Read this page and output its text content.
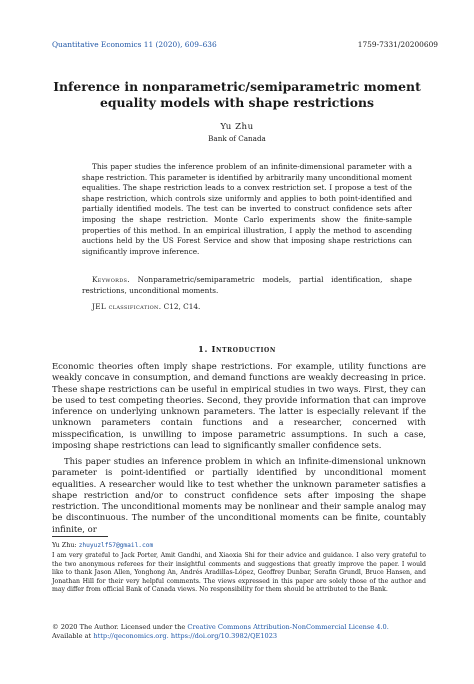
Quantitative Economics 11 (2020), 609–636	1759-7331/20200609
Inference in nonparametric/semiparametric moment equality models with shape restrictions
Yu Zhu
Bank of Canada

This paper studies the inference problem of an infinite-dimensional parameter with a shape restriction. This parameter is identified by arbitrarily many unconditional moment equalities. The shape restriction leads to a convex restriction set. I propose a test of the shape restriction, which controls size uniformly and applies to both point-identified and partially identified models. The test can be inverted to construct confidence sets after imposing the shape restriction. Monte Carlo experiments show the finite-sample properties of this method. In an empirical illustration, I apply the method to ascending auctions held by the US Forest Service and show that imposing shape restrictions can significantly improve inference.

Keywords. Nonparametric/semiparametric models, partial identification, shape restrictions, unconditional moments.

JEL classification. C12, C14.

1. Introduction

Economic theories often imply shape restrictions. For example, utility functions are weakly concave in consumption, and demand functions are weakly decreasing in price. These shape restrictions can be useful in empirical studies in two ways. First, they can be used to test competing theories. Second, they provide information that can improve inference on underlying unknown parameters. The latter is especially relevant if the unknown parameters contain functions and a researcher, concerned with misspecification, is unwilling to impose parametric assumptions. In such a case, imposing shape restrictions can lead to significantly smaller confidence sets.

This paper studies an inference problem in which an infinite-dimensional unknown parameter is point-identified or partially identified by unconditional moment equalities. A researcher would like to test whether the unknown parameter satisfies a shape restriction and/or to construct confidence sets after imposing the shape restriction. The unconditional moments may be nonlinear and their sample analog may be discontinuous. The number of the unconditional moments can be finite, countably infinite, or

Yu Zhu: zhuyuzlf57@gmail.com

I am very grateful to Jack Porter, Amit Gandhi, and Xiaoxia Shi for their advice and guidance. I also very grateful to the two anonymous referees for their insightful comments and suggestions that greatly improve the paper. I would like to thank Jason Allen, Yonghong An, Andrés Aradillas-López, Geoffrey Dunbar, Serafin Grundl, Bruce Hansen, and Jonathan Hill for their very helpful comments. The views expressed in this paper are solely those of the author and may differ from official Bank of Canada views. No responsibility for them should be attributed to the Bank.

© 2020 The Author. Licensed under the Creative Commons Attribution-NonCommercial License 4.0.
Available at http://qeconomics.org. https://doi.org/10.3982/QE1023
